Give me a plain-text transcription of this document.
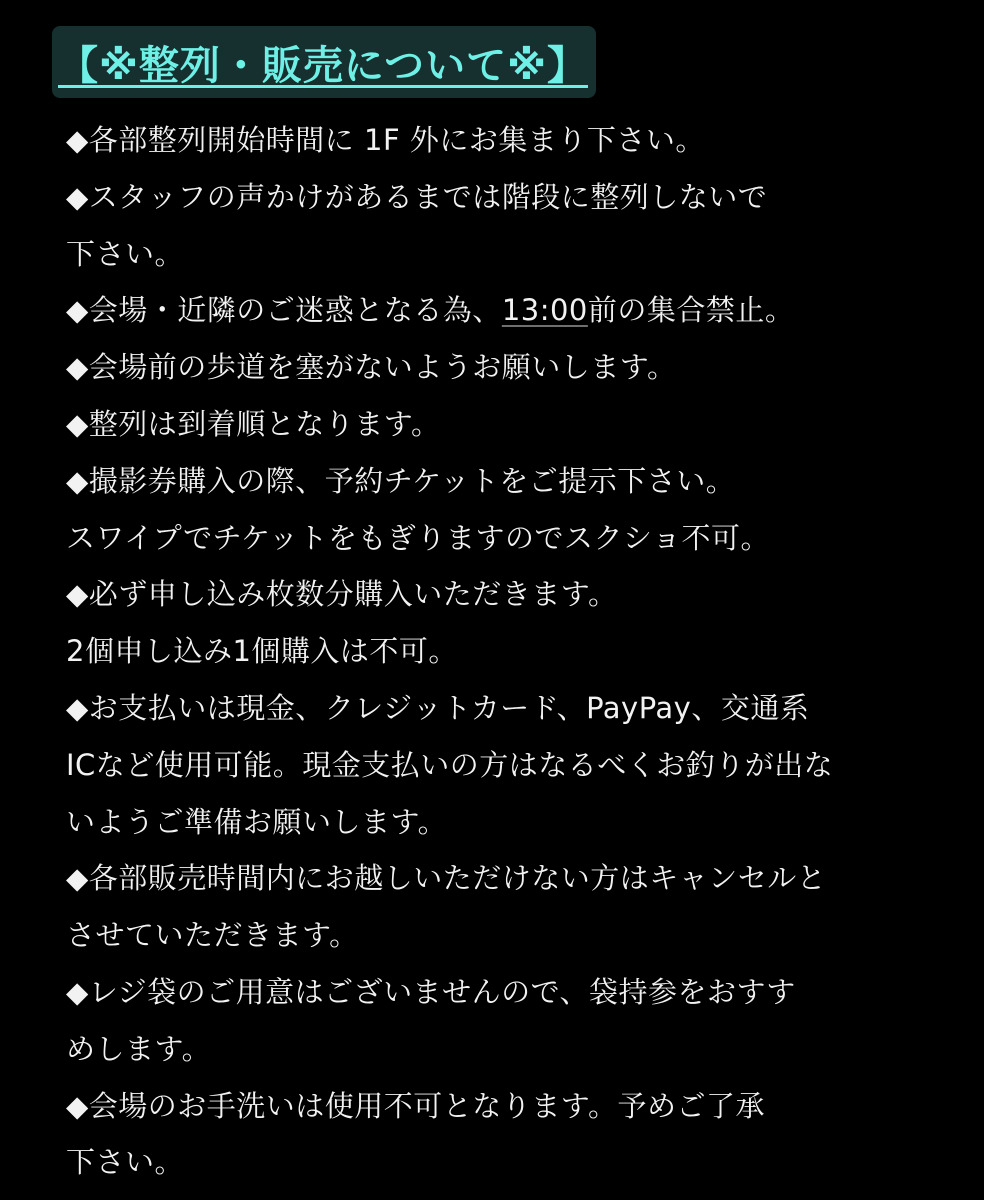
【※整列・販売について※】
◆各部整列開始時間に 1F 外にお集まり下さい。
◆スタッフの声かけがあるまでは階段に整列しないで
下さい。
◆会場・近隣のご迷惑となる為、13:00前の集合禁止。
◆会場前の歩道を塞がないようお願いします。
◆整列は到着順となります。
◆撮影券購入の際、予約チケットをご提示下さい。
スワイプでチケットをもぎりますのでスクショ不可。
◆必ず申し込み枚数分購入いただきます。
2個申し込み1個購入は不可。
◆お支払いは現金、クレジットカード、PayPay、交通系
ICなど使用可能。現金支払いの方はなるべくお釣りが出な
いようご準備お願いします。
◆各部販売時間内にお越しいただけない方はキャンセルと
させていただきます。
◆レジ袋のご用意はございませんので、袋持参をおすす
めします。
◆会場のお手洗いは使用不可となります。予めご了承
下さい。
